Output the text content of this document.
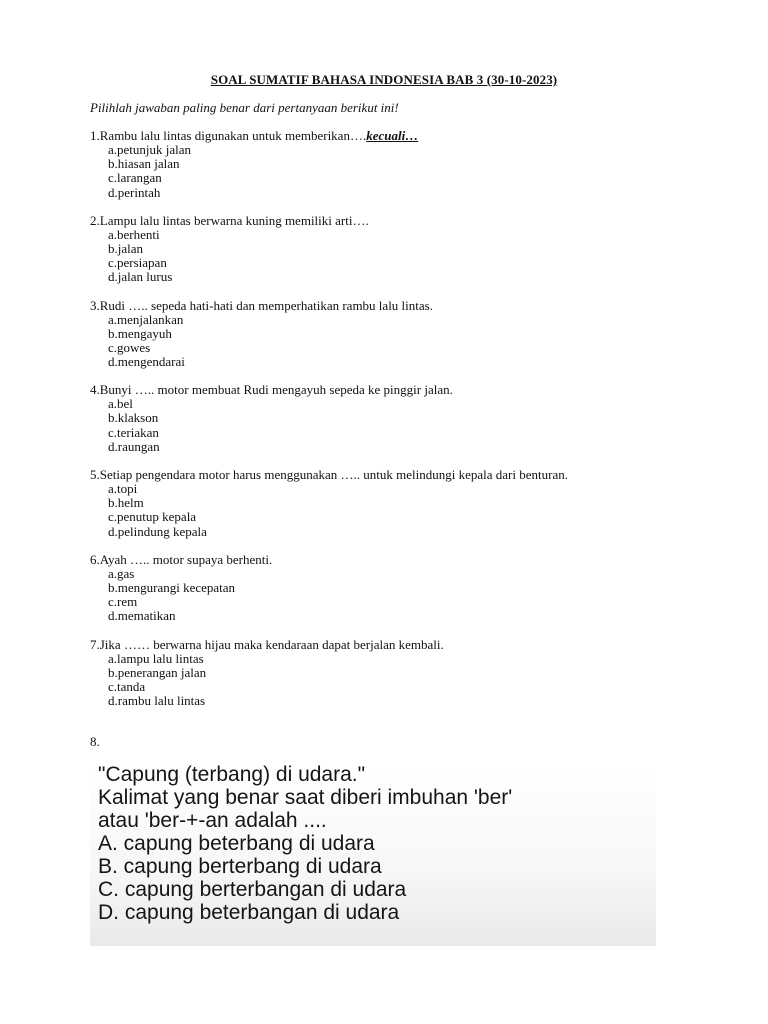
SOAL SUMATIF BAHASA INDONESIA BAB 3 (30-10-2023)
Pilihlah jawaban paling benar dari pertanyaan berikut ini!
1.Rambu lalu lintas digunakan untuk memberikan….kecuali…
a.petunjuk jalan
b.hiasan jalan
c.larangan
d.perintah
2.Lampu lalu lintas berwarna kuning memiliki arti….
a.berhenti
b.jalan
c.persiapan
d.jalan lurus
3.Rudi ….. sepeda hati-hati dan memperhatikan rambu lalu lintas.
a.menjalankan
b.mengayuh
c.gowes
d.mengendarai
4.Bunyi ….. motor membuat Rudi mengayuh sepeda ke pinggir jalan.
a.bel
b.klakson
c.teriakan
d.raungan
5.Setiap pengendara motor harus menggunakan ….. untuk melindungi kepala dari benturan.
a.topi
b.helm
c.penutup kepala
d.pelindung kepala
6.Ayah ….. motor supaya berhenti.
a.gas
b.mengurangi kecepatan
c.rem
d.mematikan
7.Jika …… berwarna hijau maka kendaraan dapat berjalan kembali.
a.lampu lalu lintas
b.penerangan jalan
c.tanda
d.rambu lalu lintas
8.
"Capung (terbang) di udara."
Kalimat yang benar saat diberi imbuhan 'ber'
atau 'ber-+-an adalah ....
A. capung beterbang di udara
B. capung berterbang di udara
C. capung berterbangan di udara
D. capung beterbangan di udara
